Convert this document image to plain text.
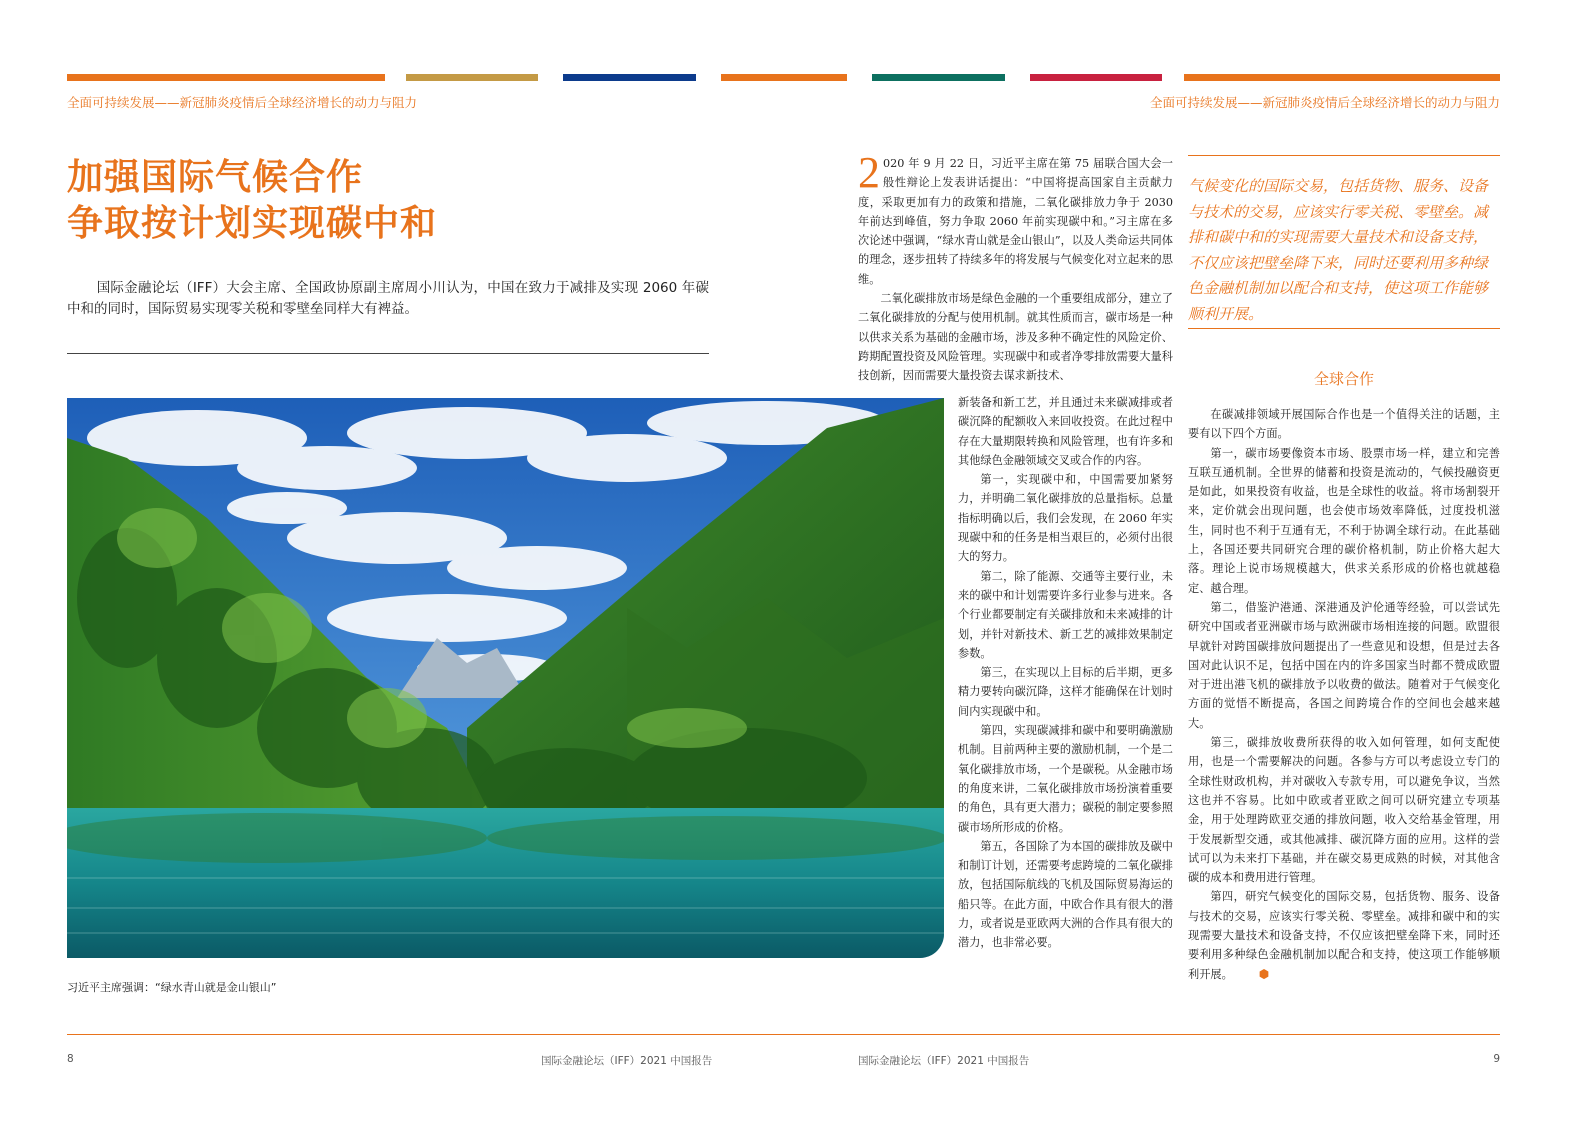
全面可持续发展——新冠肺炎疫情后全球经济增长的动力与阻力	全面可持续发展——新冠肺炎疫情后全球经济增长的动力与阻力
加强国际气候合作
争取按计划实现碳中和

国际金融论坛（IFF）大会主席、全国政协原副主席周小川认为，中国在致力于减排及实现 2060 年碳中和的同时，国际贸易实现零关税和零壁垒同样大有裨益。

习近平主席强调：“绿水青山就是金山银山”

2 020 年 9 月 22 日，习近平主席在第 75 届联合国大会一般性辩论上发表讲话提出：“中国将提高国家自主贡献力度，采取更加有力的政策和措施，二氧化碳排放力争于 2030 年前达到峰值，努力争取 2060 年前实现碳中和。”习主席在多次论述中强调，“绿水青山就是金山银山”，以及人类命运共同体的理念，逐步扭转了持续多年的将发展与气候变化对立起来的思维。

二氧化碳排放市场是绿色金融的一个重要组成部分，建立了二氧化碳排放的分配与使用机制。就其性质而言，碳市场是一种以供求关系为基础的金融市场，涉及多种不确定性的风险定价、跨期配置投资及风险管理。实现碳中和或者净零排放需要大量科技创新，因而需要大量投资去谋求新技术、

新装备和新工艺，并且通过未来碳减排或者碳沉降的配额收入来回收投资。在此过程中存在大量期限转换和风险管理，也有许多和其他绿色金融领域交叉或合作的内容。

第一，实现碳中和，中国需要加紧努力，并明确二氧化碳排放的总量指标。总量指标明确以后，我们会发现，在 2060 年实现碳中和的任务是相当艰巨的，必须付出很大的努力。

第二，除了能源、交通等主要行业，未来的碳中和计划需要许多行业参与进来。各个行业都要制定有关碳排放和未来减排的计划，并针对新技术、新工艺的减排效果制定参数。

第三，在实现以上目标的后半期，更多精力要转向碳沉降，这样才能确保在计划时间内实现碳中和。

第四，实现碳减排和碳中和要明确激励机制。目前两种主要的激励机制，一个是二氧化碳排放市场，一个是碳税。从金融市场的角度来讲，二氧化碳排放市场扮演着重要的角色，具有更大潜力；碳税的制定要参照碳市场所形成的价格。

第五，各国除了为本国的碳排放及碳中和制订计划，还需要考虑跨境的二氧化碳排放，包括国际航线的飞机及国际贸易海运的船只等。在此方面，中欧合作具有很大的潜力，或者说是亚欧两大洲的合作具有很大的潜力，也非常必要。

气候变化的国际交易，包括货物、服务、设备与技术的交易，应该实行零关税、零壁垒。减排和碳中和的实现需要大量技术和设备支持，不仅应该把壁垒降下来，同时还要利用多种绿色金融机制加以配合和支持，使这项工作能够顺利开展。
全球合作

在碳减排领域开展国际合作也是一个值得关注的话题，主要有以下四个方面。

第一，碳市场要像资本市场、股票市场一样，建立和完善互联互通机制。全世界的储蓄和投资是流动的，气候投融资更是如此，如果投资有收益，也是全球性的收益。将市场割裂开来，定价就会出现问题，也会使市场效率降低，过度投机滋生，同时也不利于互通有无，不利于协调全球行动。在此基础上，各国还要共同研究合理的碳价格机制，防止价格大起大落。理论上说市场规模越大，供求关系形成的价格也就越稳定、越合理。

第二，借鉴沪港通、深港通及沪伦通等经验，可以尝试先研究中国或者亚洲碳市场与欧洲碳市场相连接的问题。欧盟很早就针对跨国碳排放问题提出了一些意见和设想，但是过去各国对此认识不足，包括中国在内的许多国家当时都不赞成欧盟对于进出港飞机的碳排放予以收费的做法。随着对于气候变化方面的觉悟不断提高，各国之间跨境合作的空间也会越来越大。

第三，碳排放收费所获得的收入如何管理，如何支配使用，也是一个需要解决的问题。各参与方可以考虑设立专门的全球性财政机构，并对碳收入专款专用，可以避免争议，当然这也并不容易。比如中欧或者亚欧之间可以研究建立专项基金，用于处理跨欧亚交通的排放问题，收入交给基金管理，用于发展新型交通，或其他减排、碳沉降方面的应用。这样的尝试可以为未来打下基础，并在碳交易更成熟的时候，对其他含碳的成本和费用进行管理。

第四，研究气候变化的国际交易，包括货物、服务、设备与技术的交易，应该实行零关税、零壁垒。减排和碳中和的实现需要大量技术和设备支持，不仅应该把壁垒降下来，同时还要利用多种绿色金融机制加以配合和支持，使这项工作能够顺利开展。 ⬢

8	国际金融论坛（IFF）2021 中国报告	国际金融论坛（IFF）2021 中国报告	9
